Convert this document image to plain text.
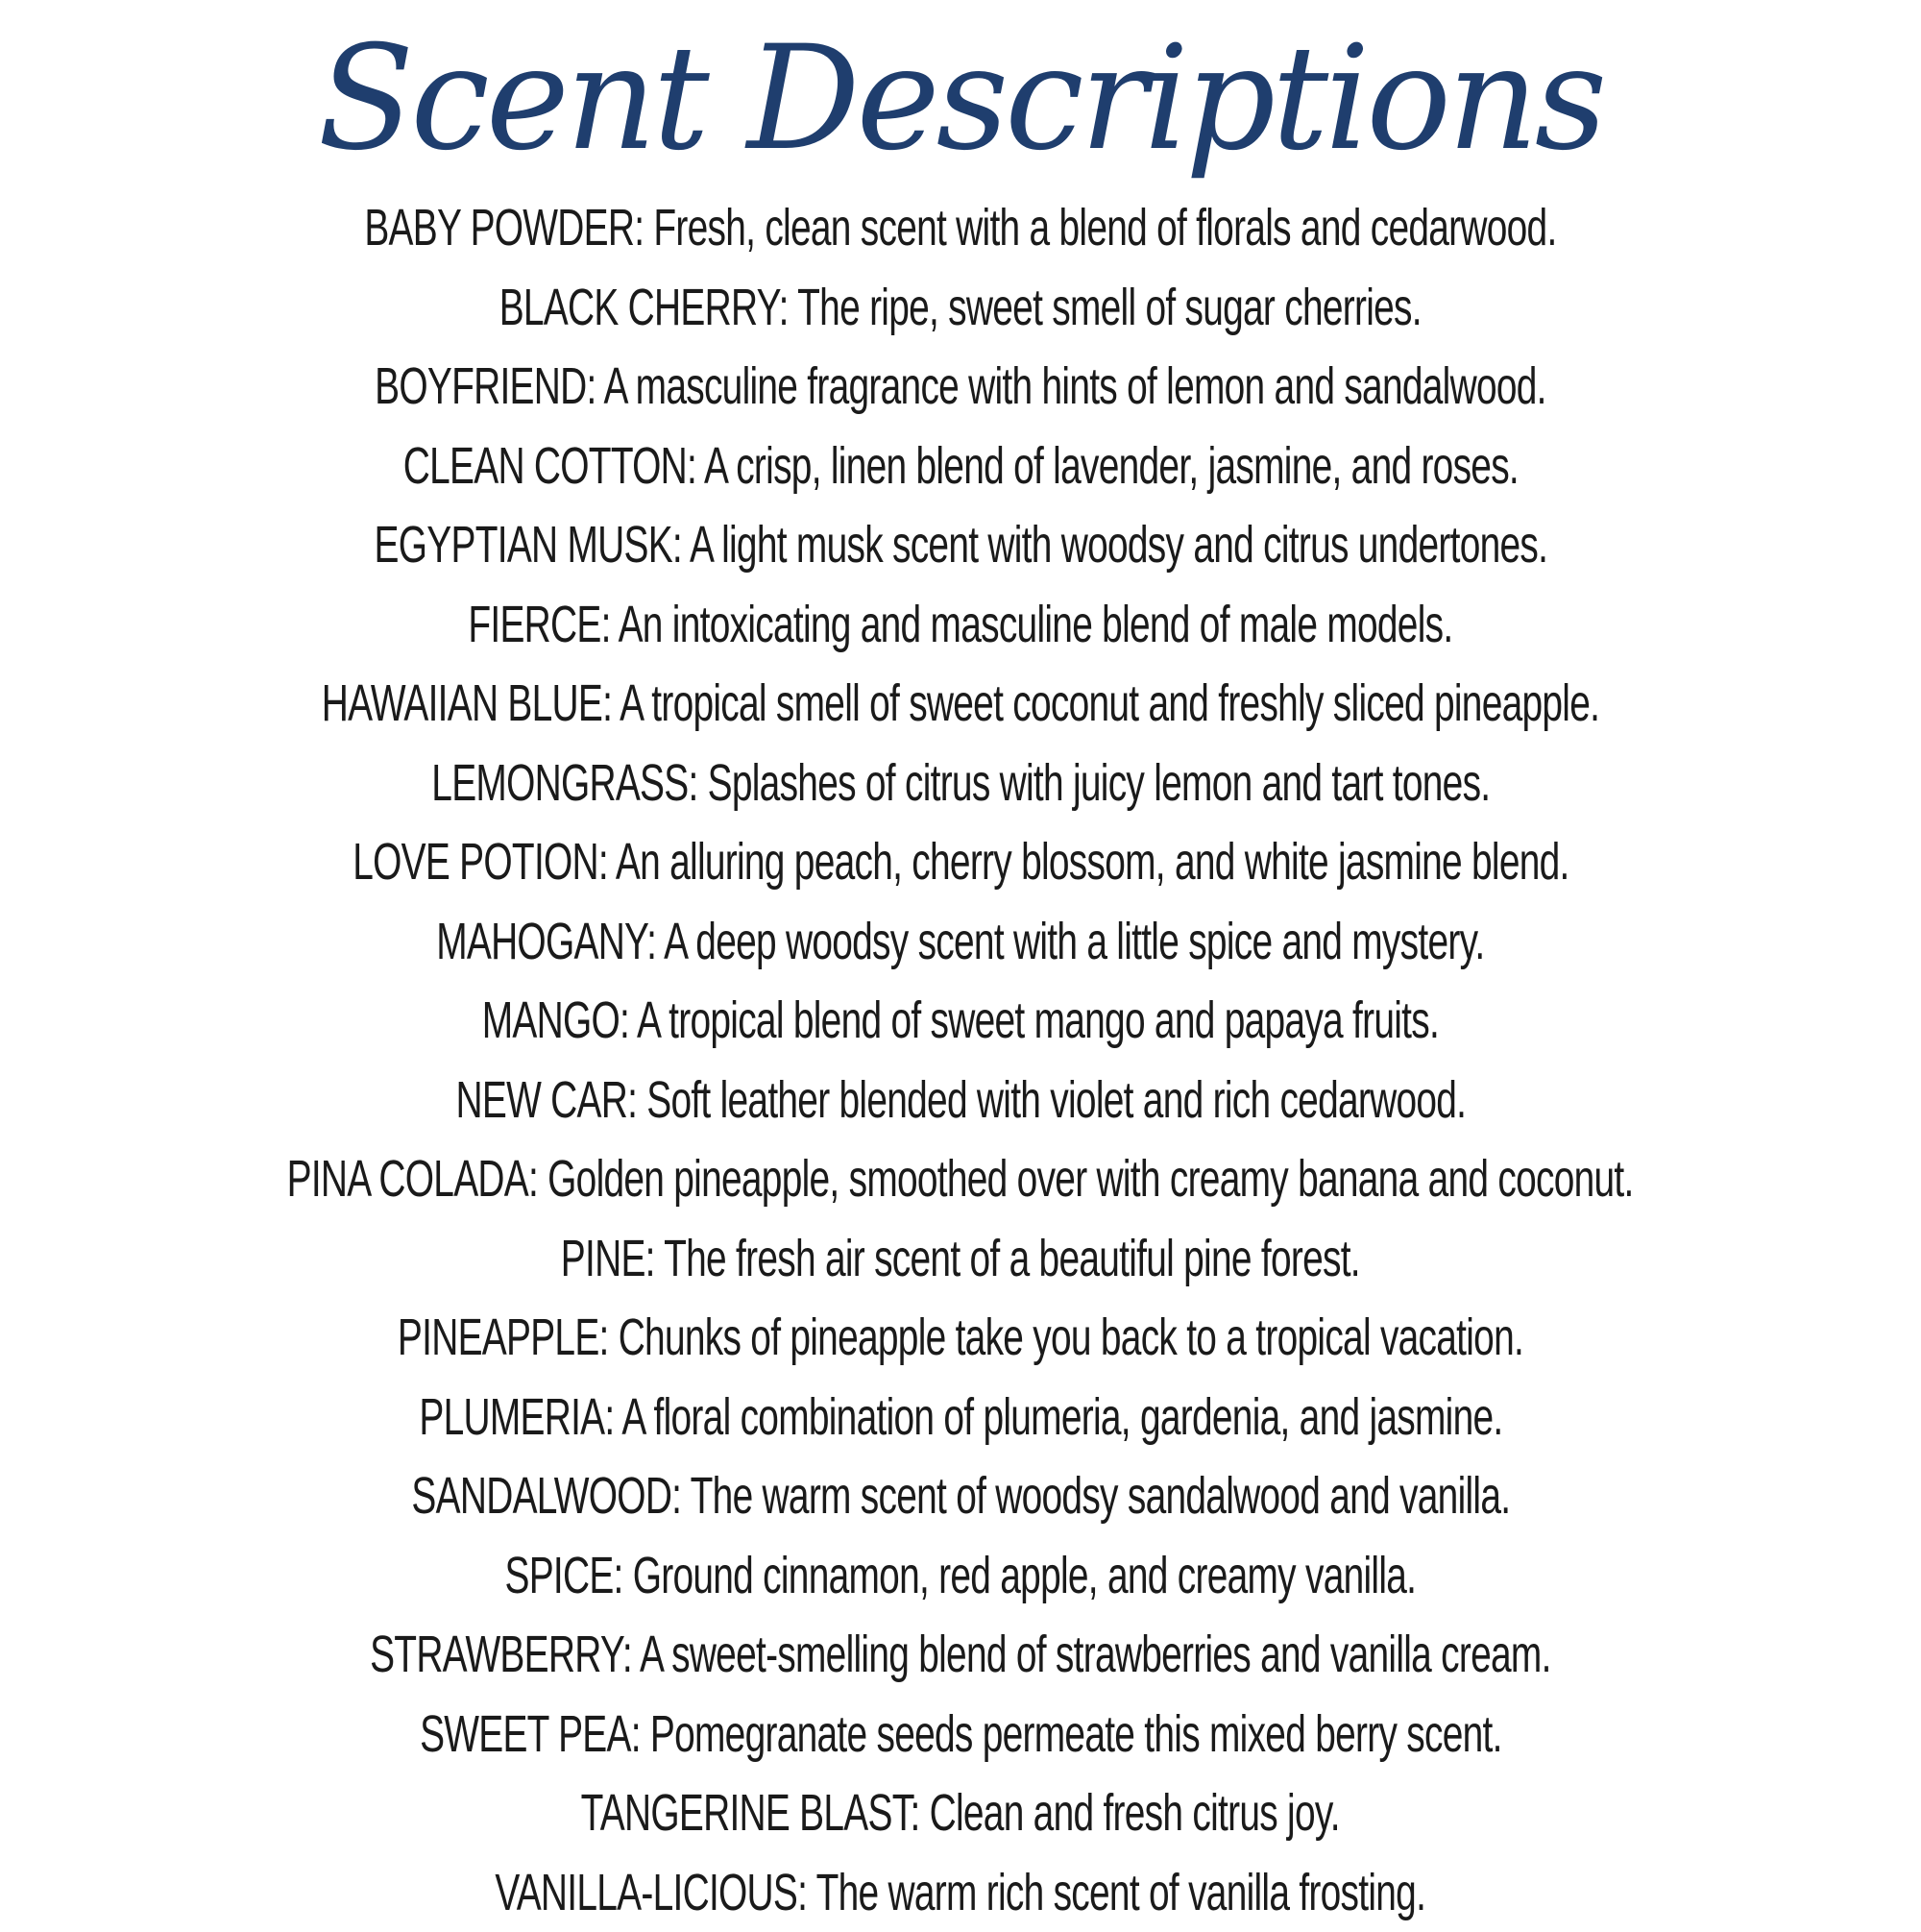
Scent Descriptions
BABY POWDER: Fresh, clean scent with a blend of florals and cedarwood.
BLACK CHERRY: The ripe, sweet smell of sugar cherries.
BOYFRIEND: A masculine fragrance with hints of lemon and sandalwood.
CLEAN COTTON: A crisp, linen blend of lavender, jasmine, and roses.
EGYPTIAN MUSK: A light musk scent with woodsy and citrus undertones.
FIERCE: An intoxicating and masculine blend of male models.
HAWAIIAN BLUE: A tropical smell of sweet coconut and freshly sliced pineapple.
LEMONGRASS: Splashes of citrus with juicy lemon and tart tones.
LOVE POTION: An alluring peach, cherry blossom, and white jasmine blend.
MAHOGANY: A deep woodsy scent with a little spice and mystery.
MANGO: A tropical blend of sweet mango and papaya fruits.
NEW CAR: Soft leather blended with violet and rich cedarwood.
PINA COLADA: Golden pineapple, smoothed over with creamy banana and coconut.
PINE: The fresh air scent of a beautiful pine forest.
PINEAPPLE: Chunks of pineapple take you back to a tropical vacation.
PLUMERIA: A floral combination of plumeria, gardenia, and jasmine.
SANDALWOOD: The warm scent of woodsy sandalwood and vanilla.
SPICE: Ground cinnamon, red apple, and creamy vanilla.
STRAWBERRY: A sweet-smelling blend of strawberries and vanilla cream.
SWEET PEA: Pomegranate seeds permeate this mixed berry scent.
TANGERINE BLAST: Clean and fresh citrus joy.
VANILLA-LICIOUS: The warm rich scent of vanilla frosting.
